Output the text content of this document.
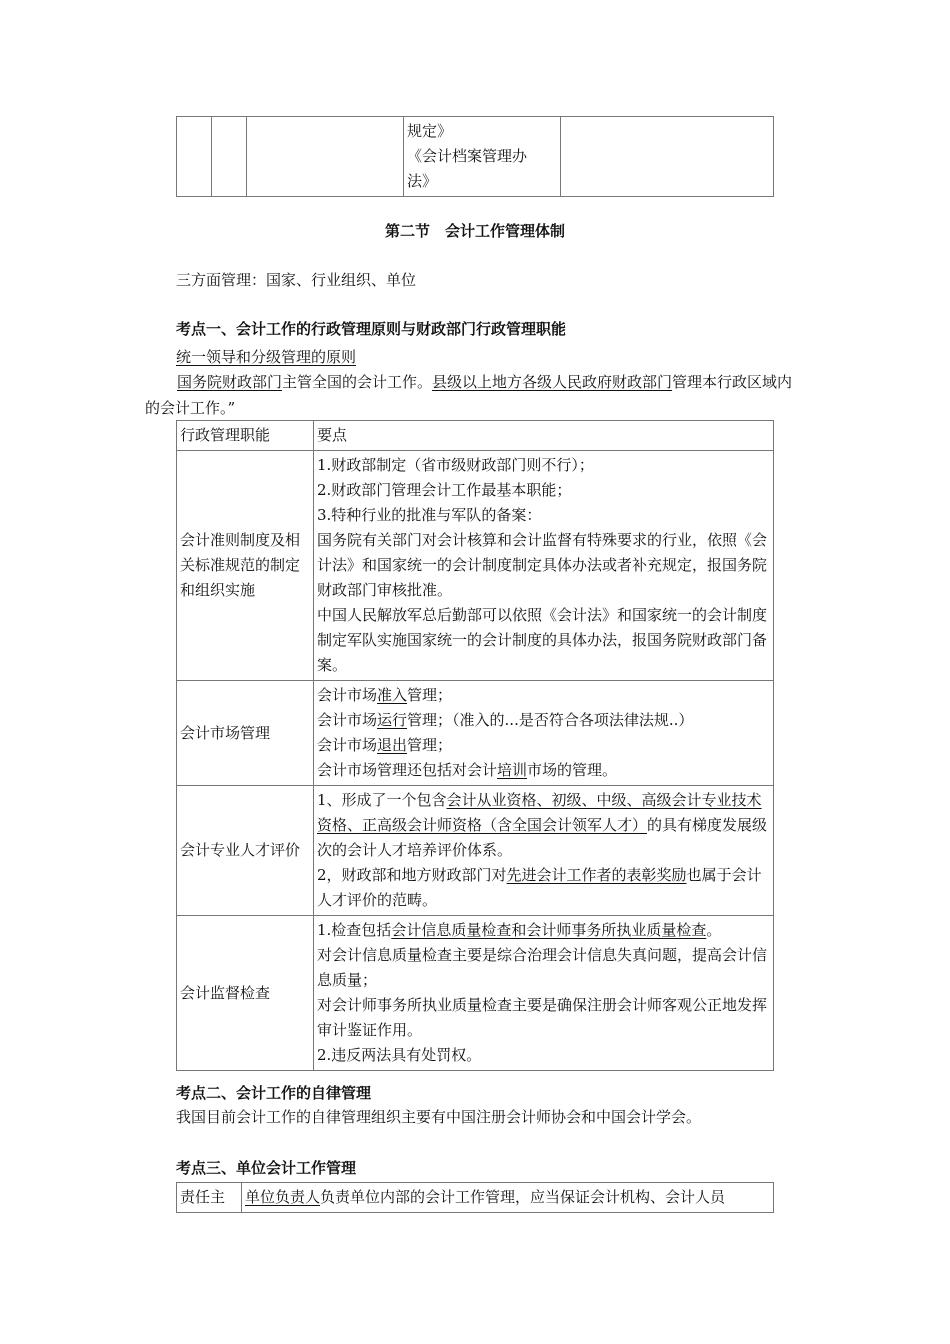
规定》
《会计档案管理办
法》

第二节　会计工作管理体制
三方面管理：国家、行业组织、单位
考点一、会计工作的行政管理原则与财政部门行政管理职能
统一领导和分级管理的原则
国务院财政部门主管全国的会计工作。县级以上地方各级人民政府财政部门管理本行政区域内的会计工作。”
行政管理职能	要点
会计准则制度及相关标准规范的制定和组织实施	1.财政部制定（省市级财政部门则不行）；
2.财政部门管理会计工作最基本职能；
3.特种行业的批准与军队的备案：
国务院有关部门对会计核算和会计监督有特殊要求的行业，依照《会计法》和国家统一的会计制度制定具体办法或者补充规定，报国务院财政部门审核批准。
中国人民解放军总后勤部可以依照《会计法》和国家统一的会计制度制定军队实施国家统一的会计制度的具体办法，报国务院财政部门备案。

会计市场管理	会计市场准入管理；
会计市场运行管理；（准入的...是否符合各项法律法规..）
会计市场退出管理；
会计市场管理还包括对会计培训市场的管理。

会计专业人才评价	1、形成了一个包含会计从业资格、初级、中级、高级会计专业技术资格、正高级会计师资格（含全国会计领军人才）的具有梯度发展级次的会计人才培养评价体系。
2，财政部和地方财政部门对先进会计工作者的表彰奖励也属于会计人才评价的范畴。

会计监督检查	1.检查包括会计信息质量检查和会计师事务所执业质量检查。
对会计信息质量检查主要是综合治理会计信息失真问题，提高会计信息质量；
对会计师事务所执业质量检查主要是确保注册会计师客观公正地发挥审计鉴证作用。
2.违反两法具有处罚权。
考点二、会计工作的自律管理
我国目前会计工作的自律管理组织主要有中国注册会计师协会和中国会计学会。
考点三、单位会计工作管理
责任主	单位负责人负责单位内部的会计工作管理，应当保证会计机构、会计人员
